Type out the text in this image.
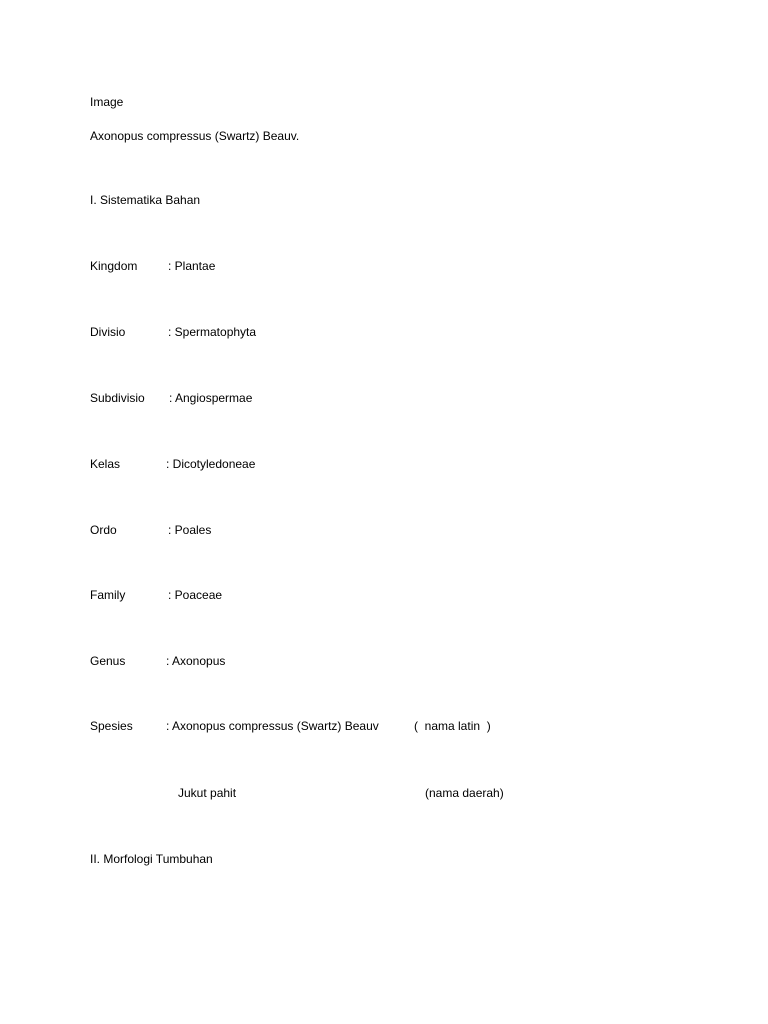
Image
Axonopus compressus (Swartz) Beauv.
I. Sistematika Bahan
Kingdom	: Plantae
Divisio	: Spermatophyta
Subdivisio : Angiospermae
Kelas	: Dicotyledoneae
Ordo	: Poales
Family	: Poaceae
Genus	: Axonopus
Spesies	: Axonopus compressus (Swartz) Beauv	(  nama latin  )
Jukut pahit	(nama daerah)
II. Morfologi Tumbuhan
